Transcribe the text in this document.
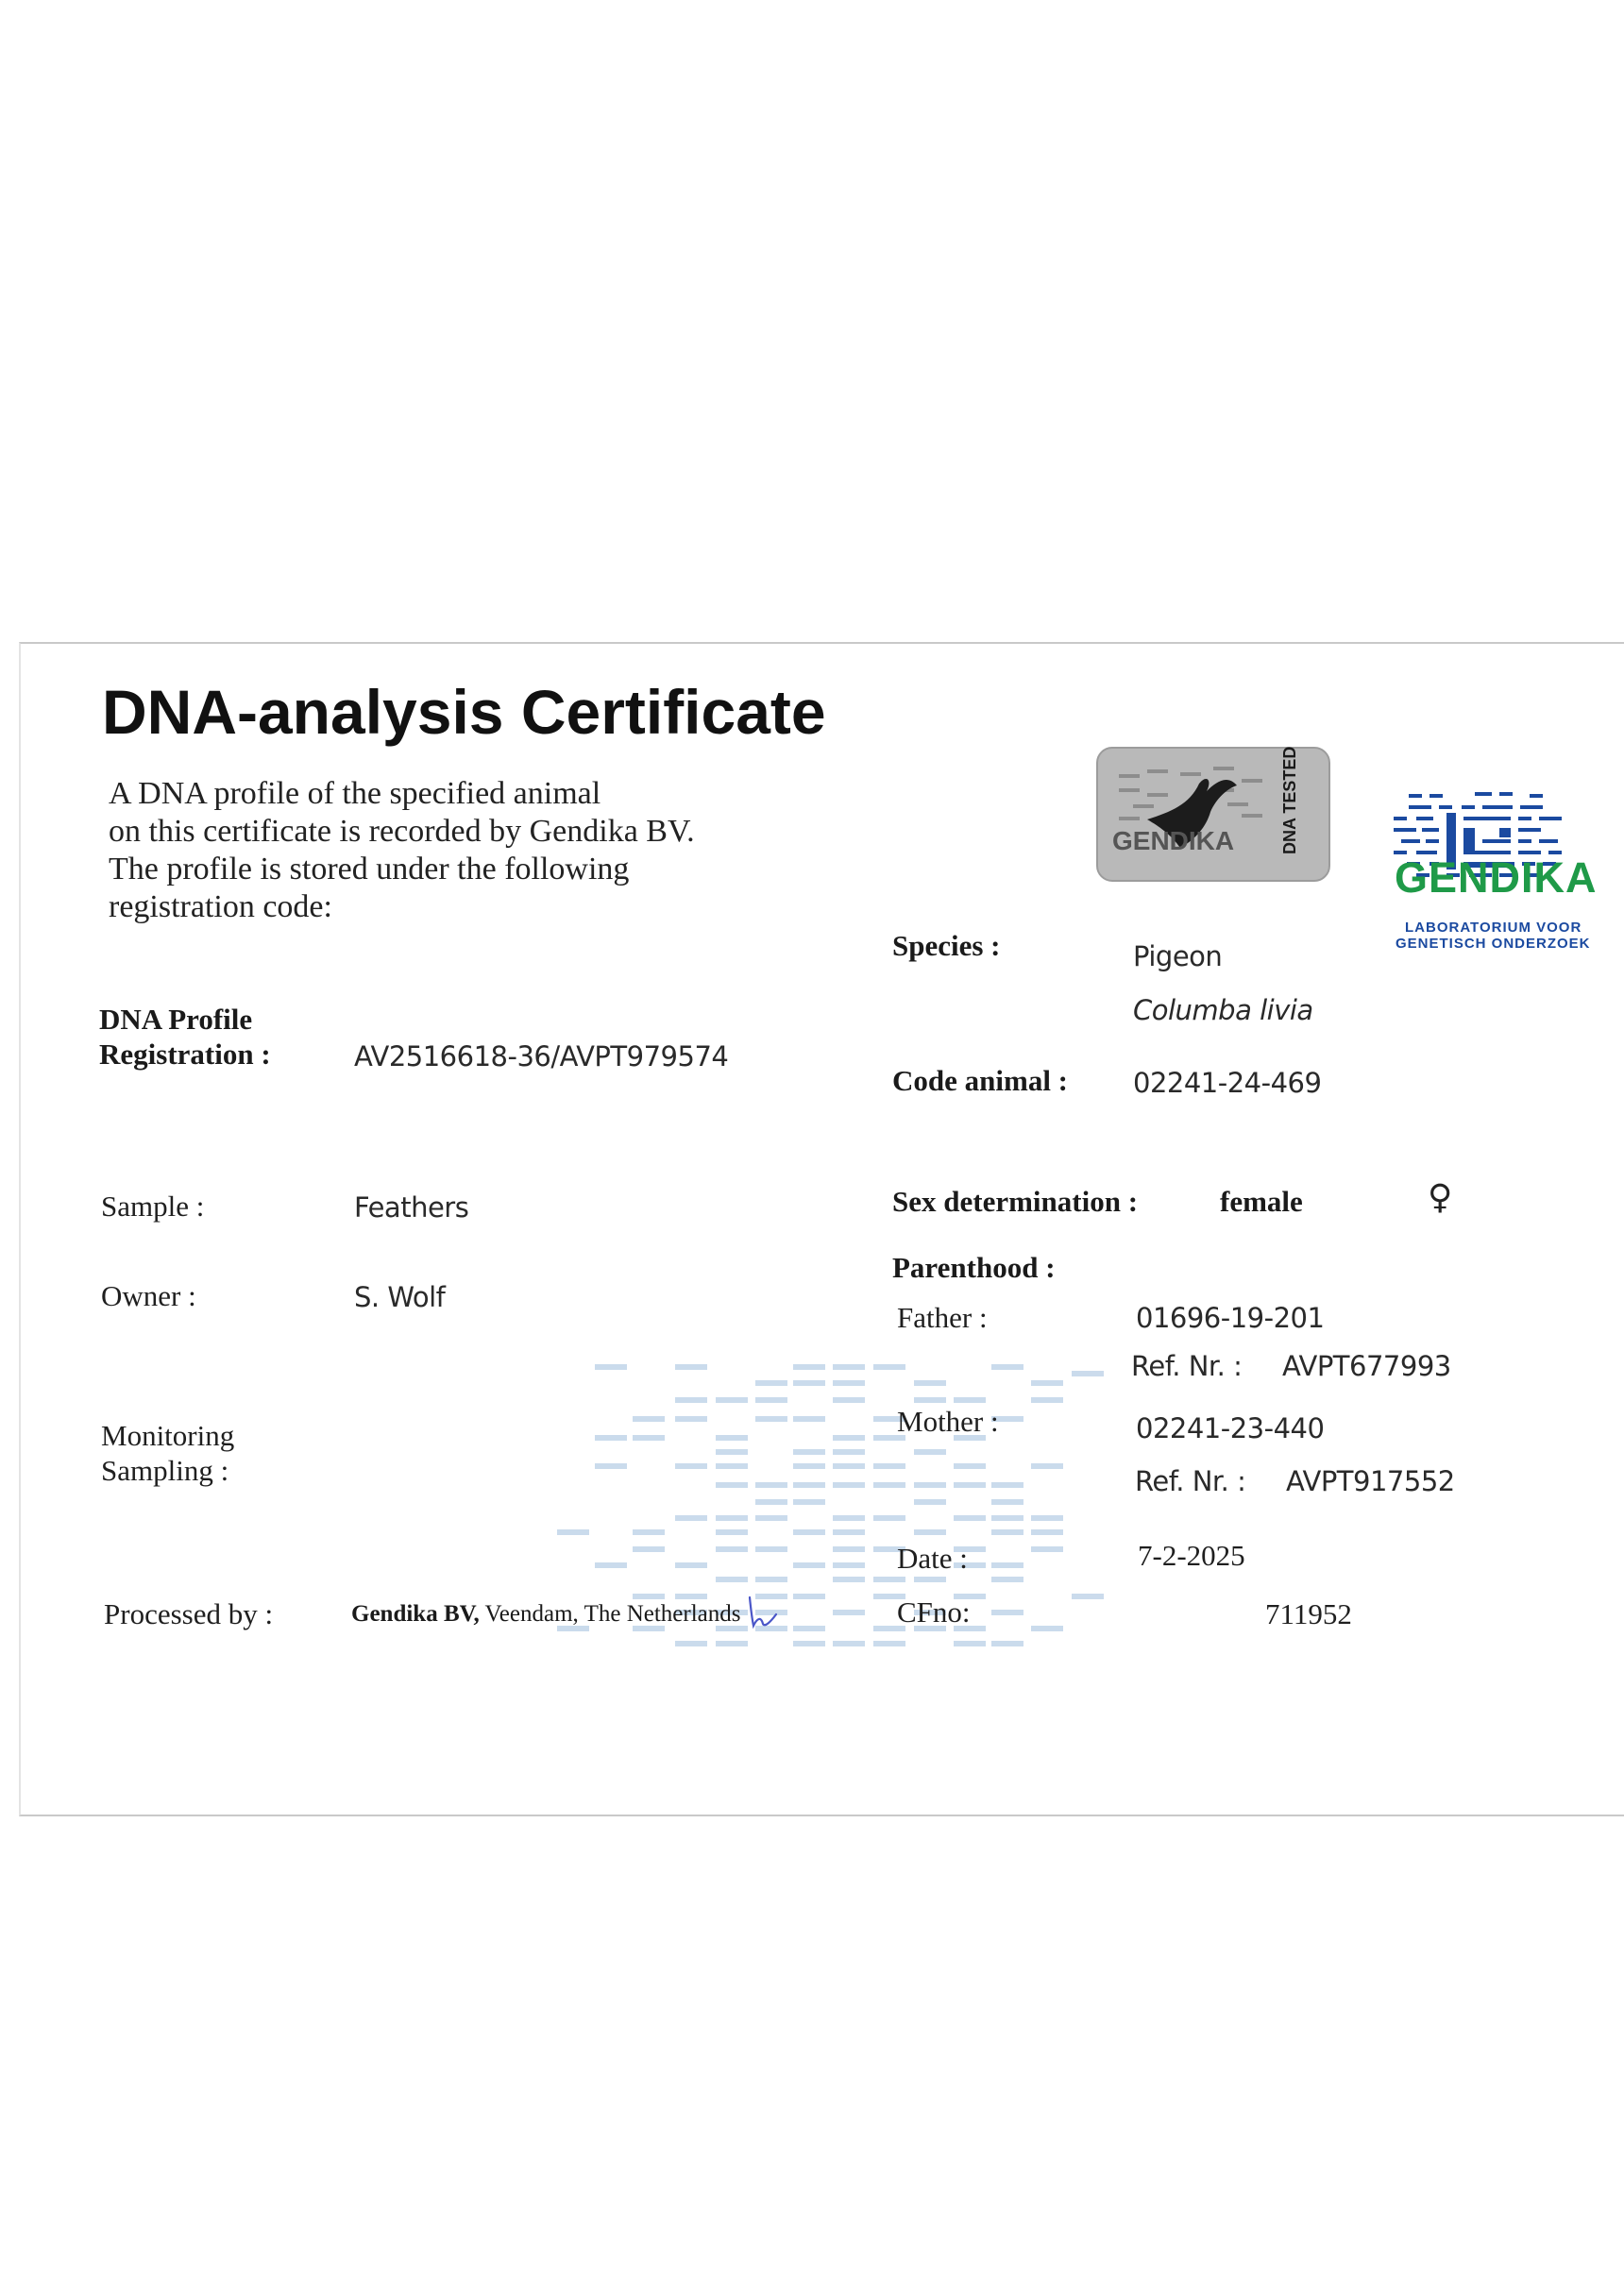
DNA-analysis Certificate
A DNA profile of the specified animal
on this certificate is recorded by Gendika BV.
The profile is stored under the following
registration code:
DNA Profile
Registration :	AV2516618-36/AVPT979574
Sample :	Feathers
Owner :	S. Wolf
Monitoring
Sampling :
Processed by :	Gendika BV, Veendam, The Netherlands
Species :	Pigeon
Columba livia
Code animal : 02241-24-469
Sex determination :	female	♀
Parenthood :
Father :	01696-19-201
Ref. Nr. : AVPT677993
Mother :	02241-23-440
Ref. Nr. : AVPT917552
Date :	7-2-2025
CFno:	711952
GENDIKA	DNA TESTED
GENDIKA
LABORATORIUM VOOR
GENETISCH ONDERZOEK
